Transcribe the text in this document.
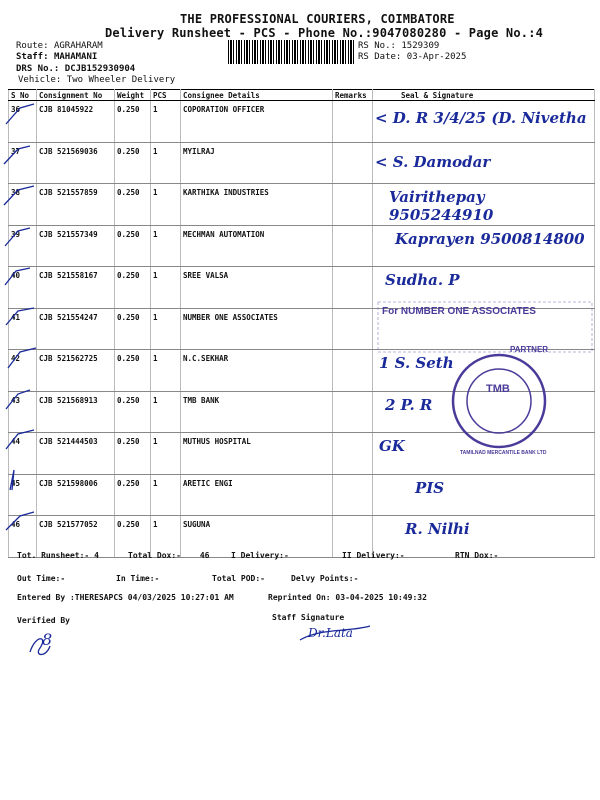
THE PROFESSIONAL COURIERS, COIMBATORE
Delivery Runsheet - PCS - Phone No.:9047080280 - Page No.:4
Route: AGRAHARAM
Staff: MAHAMANI
DRS No.: DCJB152930904
Vehicle: Two Wheeler Delivery
RS No.: 1529309
RS Date: 03-Apr-2025
S No	Consignment No	Weight	PCS	Consignee Details	Remarks	Seal & Signature
36	CJB 81045922	0.250	1	COPORATION OFFICER		< D. R 3/4/25 (D. Nivetha
37	CJB 521569036	0.250	1	MYILRAJ		< S. Damodar
38	CJB 521557859	0.250	1	KARTHIKA INDUSTRIES		Vairithepay 9505244910
39	CJB 521557349	0.250	1	MECHMAN AUTOMATION		Kaprayen 9500814800
40	CJB 521558167	0.250	1	SREE VALSA		Sudha. P
41	CJB 521554247	0.250	1	NUMBER ONE ASSOCIATES		
42	CJB 521562725	0.250	1	N.C.SEKHAR		1 S. Seth
43	CJB 521568913	0.250	1	TMB BANK		2 P. R
44	CJB 521444503	0.250	1	MUTHUS HOSPITAL		GK
45	CJB 521598006	0.250	1	ARETIC ENGI		PIS
46	CJB 521577052	0.250	1	SUGUNA		R. Nilhi
For NUMBER ONE ASSOCIATES
PARTNER
TMB
TAMILNAD MERCANTILE BANK LTD
Tot. Runsheet:- 4	Total Dox:- 46	I Delivery:-	II Delivery:-	RTN Dox:-
Out Time:-	In Time:-	Total POD:-	Delvy Points:-
Entered By :THERESAPCS 04/03/2025 10:27:01 AM	Reprinted On: 03-04-2025 10:49:32
Verified By	Staff Signature
8	Dr.Lata
